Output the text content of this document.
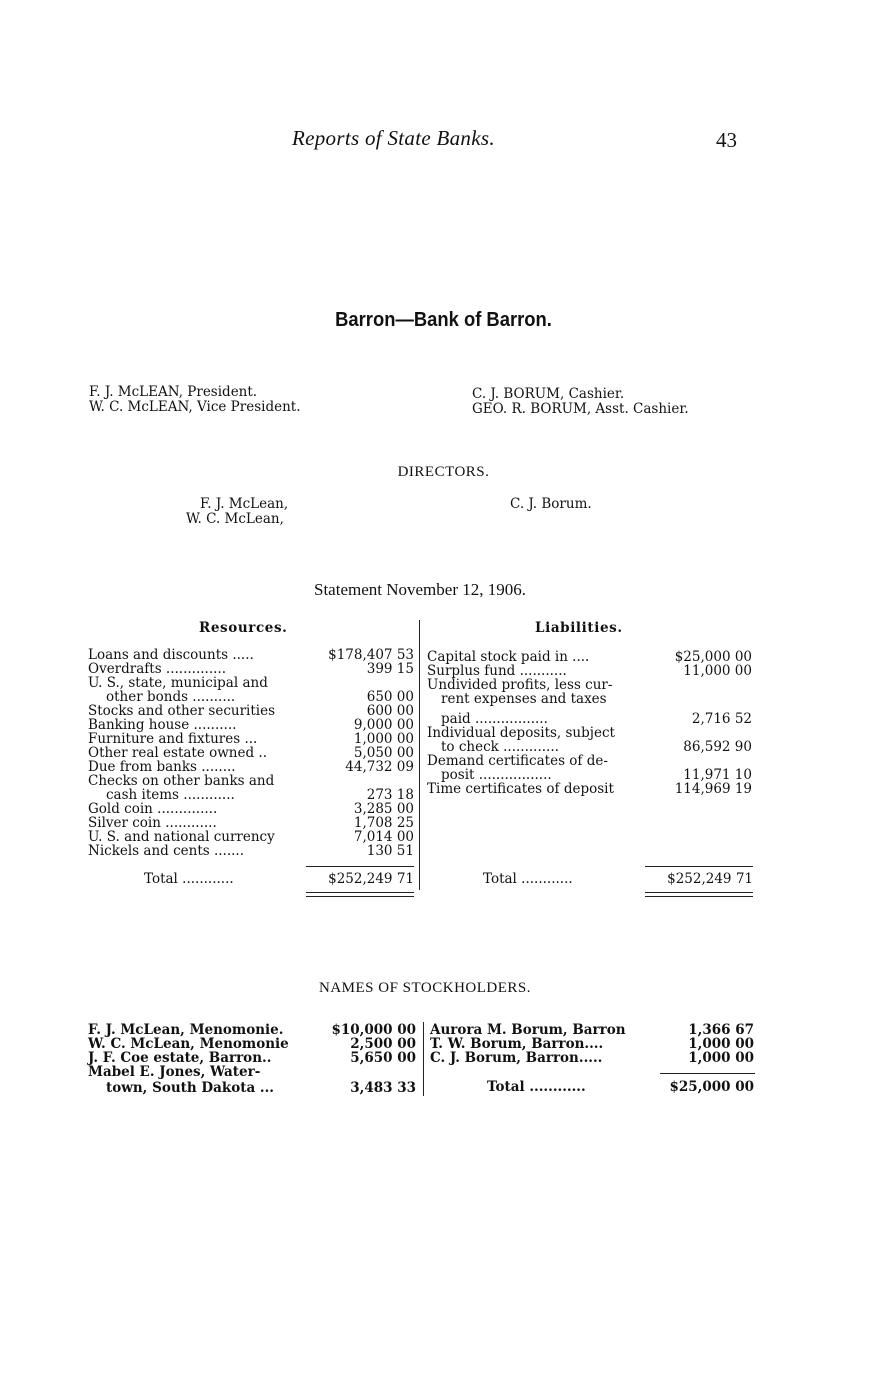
Reports of State Banks.	43
Barron—Bank of Barron.
F. J. McLEAN, President.
W. C. McLEAN, Vice President.
C. J. BORUM, Cashier.
GEO. R. BORUM, Asst. Cashier.
DIRECTORS.
F. J. McLean,
W. C. McLean,
C. J. Borum.
Statement November 12, 1906.
Resources.	Liabilities.
Loans and discounts .....	$178,407 53
Overdrafts ..............	399 15
U. S., state, municipal and
other bonds ..........	650 00
Stocks and other securities	600 00
Banking house ..........	9,000 00
Furniture and fixtures ...	1,000 00
Other real estate owned ..	5,050 00
Due from banks ........	44,732 09
Checks on other banks and
cash items ............	273 18
Gold coin ..............	3,285 00
Silver coin ............	1,708 25
U. S. and national currency	7,014 00
Nickels and cents .......	130 51
Total ............	$252,249 71
Capital stock paid in ....	$25,000 00
Surplus fund ...........	11,000 00
Undivided profits, less cur-
rent expenses and taxes
paid .................	2,716 52
Individual deposits, subject
to check .............	86,592 90
Demand certificates of de-
posit .................	11,971 10
Time certificates of deposit	114,969 19
Total ............	$252,249 71
NAMES OF STOCKHOLDERS.
F. J. McLean, Menomonie.	$10,000 00
W. C. McLean, Menomonie	2,500 00
J. F. Coe estate, Barron..	5,650 00
Mabel E. Jones, Water-
town, South Dakota ...	3,483 33
Aurora M. Borum, Barron	1,366 67
T. W. Borum, Barron....	1,000 00
C. J. Borum, Barron.....	1,000 00
Total ............	$25,000 00
